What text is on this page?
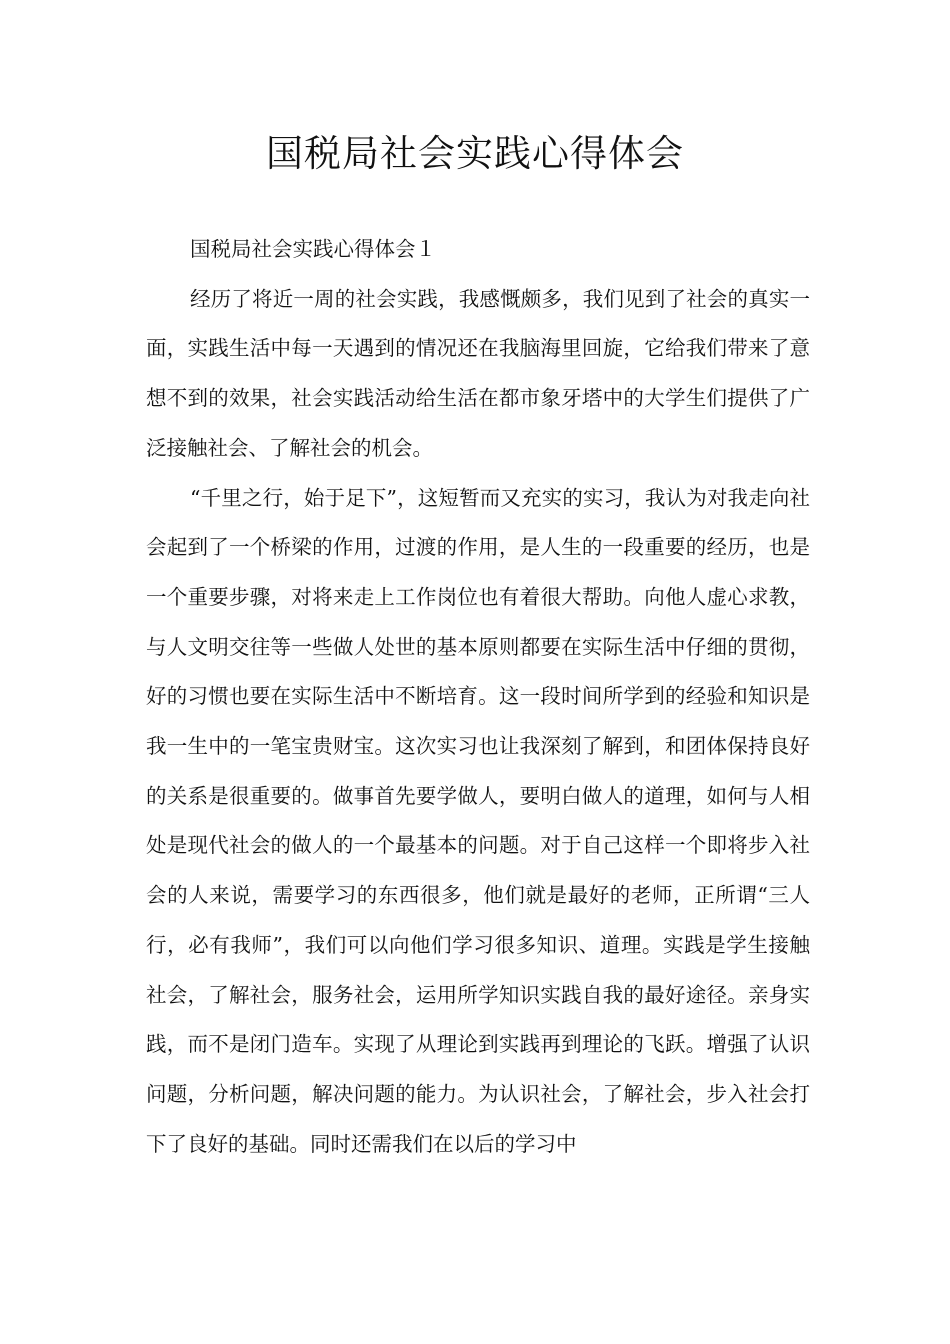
国税局社会实践心得体会

国税局社会实践心得体会１

经历了将近一周的社会实践，我感慨颇多，我们见到了社会的真实一面，实践生活中每一天遇到的情况还在我脑海里回旋，它给我们带来了意想不到的效果，社会实践活动给生活在都市象牙塔中的大学生们提供了广泛接触社会、了解社会的机会。

“千里之行，始于足下”，这短暂而又充实的实习，我认为对我走向社会起到了一个桥梁的作用，过渡的作用，是人生的一段重要的经历，也是一个重要步骤，对将来走上工作岗位也有着很大帮助。向他人虚心求教，与人文明交往等一些做人处世的基本原则都要在实际生活中仔细的贯彻，好的习惯也要在实际生活中不断培育。这一段时间所学到的经验和知识是我一生中的一笔宝贵财宝。这次实习也让我深刻了解到，和团体保持良好的关系是很重要的。做事首先要学做人，要明白做人的道理，如何与人相处是现代社会的做人的一个最基本的问题。对于自己这样一个即将步入社会的人来说，需要学习的东西很多，他们就是最好的老师，正所谓“三人行，必有我师”，我们可以向他们学习很多知识、道理。实践是学生接触社会，了解社会，服务社会，运用所学知识实践自我的最好途径。亲身实践，而不是闭门造车。实现了从理论到实践再到理论的飞跃。增强了认识问题，分析问题，解决问题的能力。为认识社会，了解社会，步入社会打下了良好的基础。同时还需我们在以后的学习中
